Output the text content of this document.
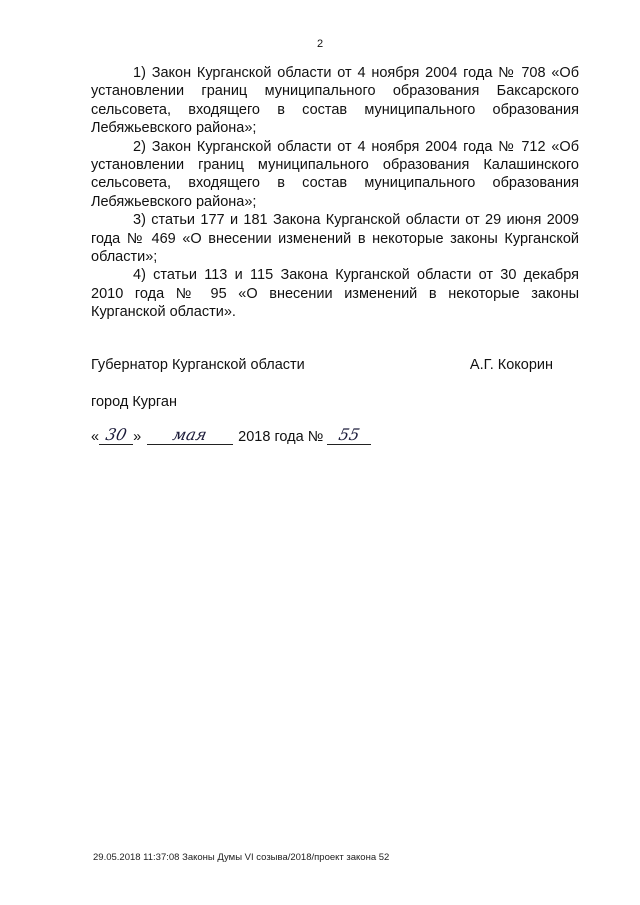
2

1) Закон Курганской области от 4 ноября 2004 года № 708 «Об установлении границ муниципального образования Баксарского сельсовета, входящего в состав муниципального образования Лебяжьевского района»;

2) Закон Курганской области от 4 ноября 2004 года № 712 «Об установлении границ муниципального образования Калашинского сельсовета, входящего в состав муниципального образования Лебяжьевского района»;

3) статьи 177 и 181 Закона Курганской области от 29 июня 2009 года № 469 «О внесении изменений в некоторые законы Курганской области»;

4) статьи 113 и 115 Закона Курганской области от 30 декабря 2010 года № 95 «О внесении изменений в некоторые законы Курганской области».

Губернатор Курганской области	А.Г. Кокорин
город Курган
« 30 »	мая	2018 года № 55
29.05.2018 11:37:08 Законы Думы VI созыва/2018/проект закона 52
